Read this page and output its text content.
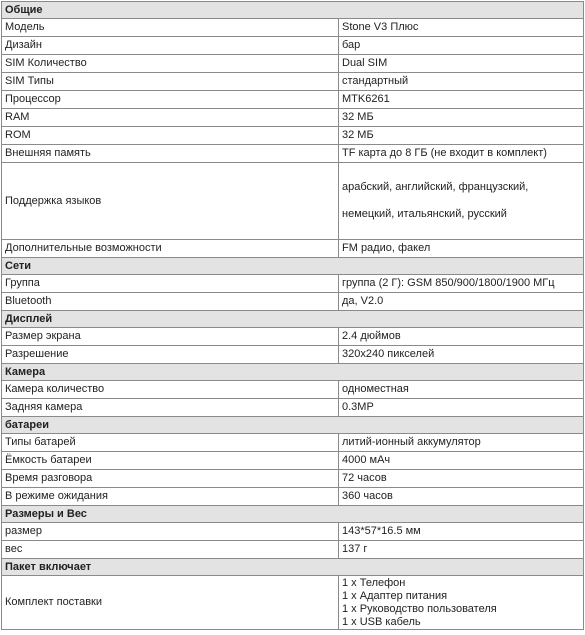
Общие	
Модель	Stone V3 Плюс
Дизайн	бар
SIM Количество	Dual SIM
SIM Типы	стандартный
Процессор	MTK6261
RAM	32 МБ
ROM	32 МБ
Внешняя память	TF карта до 8 ГБ (не входит в комплект)
Поддержка языков	арабский, английский, французский, немецкий, итальянский, русский
Дополнительные возможности	FM радио, факел
Сети	
Группа	группа (2 Г): GSM 850/900/1800/1900 МГц
Bluetooth	да, V2.0
Дисплей	
Размер экрана	2.4 дюймов
Разрешение	320x240 пикселей
Камера	
Камера количество	одноместная
Задняя камера	0.3MP
батареи	
Типы батарей	литий-ионный аккумулятор
Ёмкость батареи	4000 мАч
Время разговора	72 часов
В режиме ожидания	360 часов
Размеры и Вес	
размер	143*57*16.5 мм
вес	137 г
Пакет включает	
Комплект поставки	1 x Телефон
1 x Адаптер питания
1 x Руководство пользователя
1 x USB кабель
